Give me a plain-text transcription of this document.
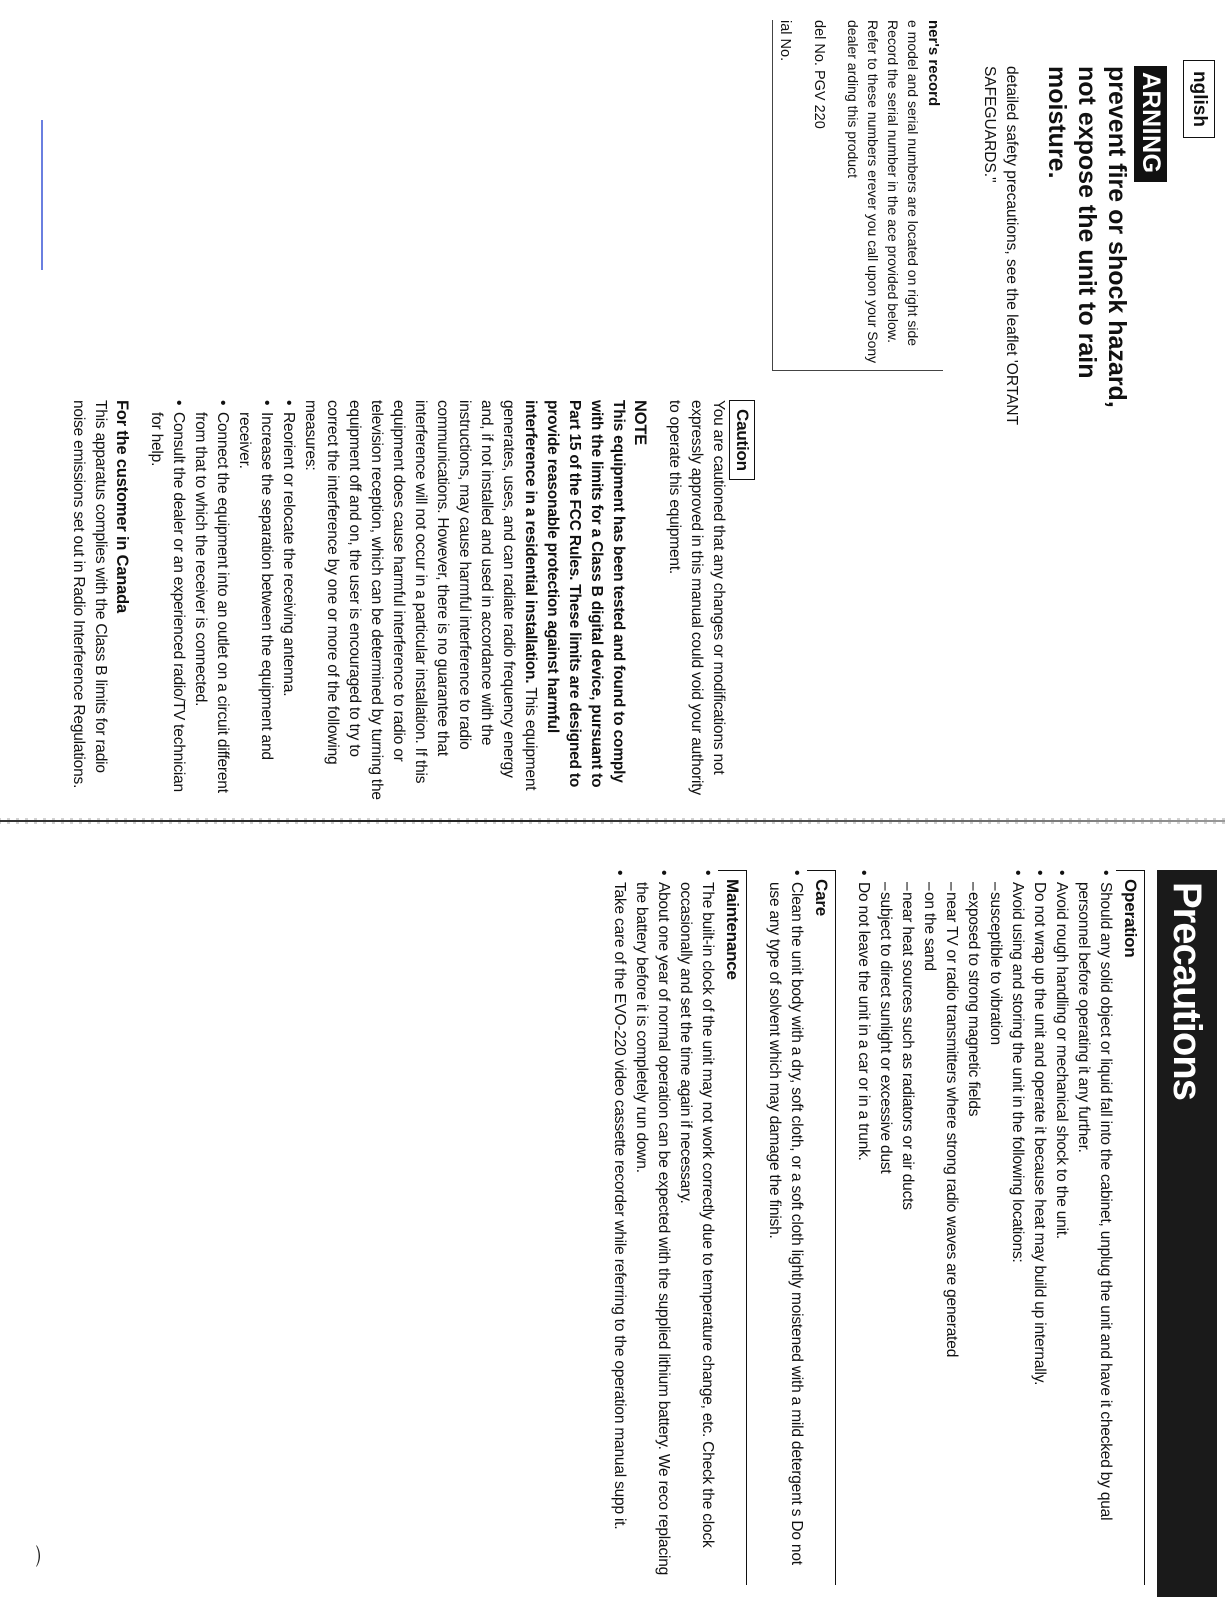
nglish
ARNING
prevent fire or shock hazard, not expose the unit to rain moisture.
detailed safety precautions, see the leaflet 'ORTANT SAFEGUARDS."
ner's record
e model and serial numbers are located on right side Record the serial number in the ace provided below. Refer to these numbers erever you call upon your Sony dealer arding this product
del No. PGV 220
ial No.
Caution
You are cautioned that any changes or modifications not expressly approved in this manual could void your authority to operate this equipment.
NOTE
This equipment has been tested and found to comply with the limits for a Class B digital device, pursuant to Part 15 of the FCC Rules. These limits are designed to provide reasonable protection against harmful interference in a residential installation. This equipment generates, uses, and can radiate radio frequency energy and, if not installed and used in accordance with the instructions, may cause harmful interference to radio communications. However, there is no guarantee that interference will not occur in a particular installation. If this equipment does cause harmful interference to radio or television reception, which can be determined by turning the equipment off and on, the user is encouraged to try to correct the interference by one or more of the following measures:
• Reorient or relocate the receiving antenna.
• Increase the separation between the equipment and receiver.
• Connect the equipment into an outlet on a circuit different from that to which the receiver is connected.
• Consult the dealer or an experienced radio/TV technician for help.
For the customer in Canada
This apparatus complies with the Class B limits for radio noise emissions set out in Radio Interference Regulations.
Precautions
Operation
• Should any solid object or liquid fall into the cabinet, unplug the unit and have it checked by qual personnel before operating it any further.
• Avoid rough handling or mechanical shock to the unit.
• Do not wrap up the unit and operate it because heat may build up internally.
• Avoid using and storing the unit in the following locations:
– susceptible to vibration
– exposed to strong magnetic fields
– near TV or radio transmitters where strong radio waves are generated
– on the sand
– near heat sources such as radiators or air ducts
– subject to direct sunlight or excessive dust
• Do not leave the unit in a car or in a trunk.
Care
• Clean the unit body with a dry, soft cloth, or a soft cloth lightly moistened with a mild detergent s Do not use any type of solvent which may damage the finish.
Maintenance
• The built-in clock of the unit may not work correctly due to temperature change, etc. Check the clock occasionally and set the time again if necessary.
• About one year of normal operation can be expected with the supplied lithium battery. We reco replacing the battery before it is completely run down.
• Take care of the EVO-220 video cassette recorder while referring to the operation manual supp it.
⌒
